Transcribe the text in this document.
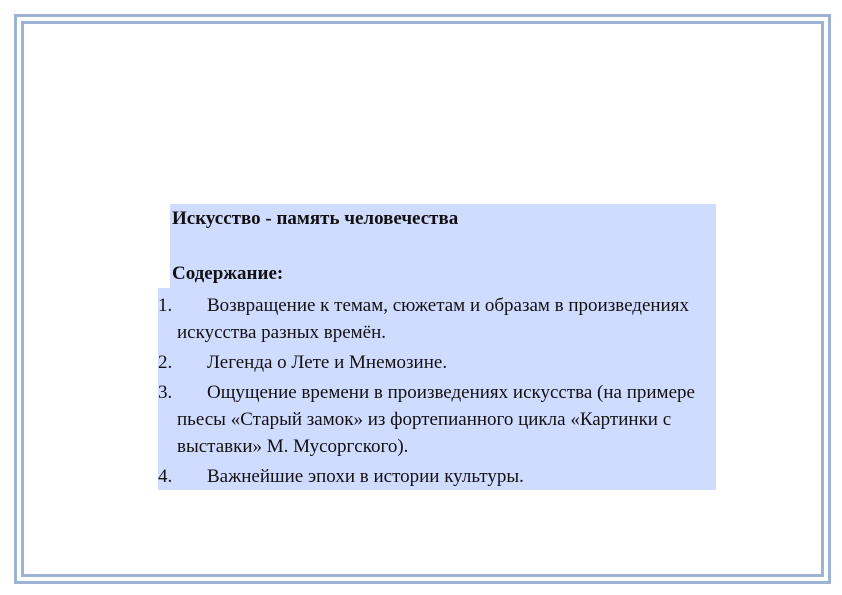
Искусство - память человечества
Содержание:
1.	Возвращение к темам, сюжетам и образам в произведениях искусства разных времён.
2.	Легенда о Лете и Мнемозине.
3.	Ощущение времени в произведениях искусства (на примере пьесы «Старый замок» из фортепианного цикла «Картинки с выставки» М. Мусоргского).
4.	Важнейшие эпохи в истории культуры.
